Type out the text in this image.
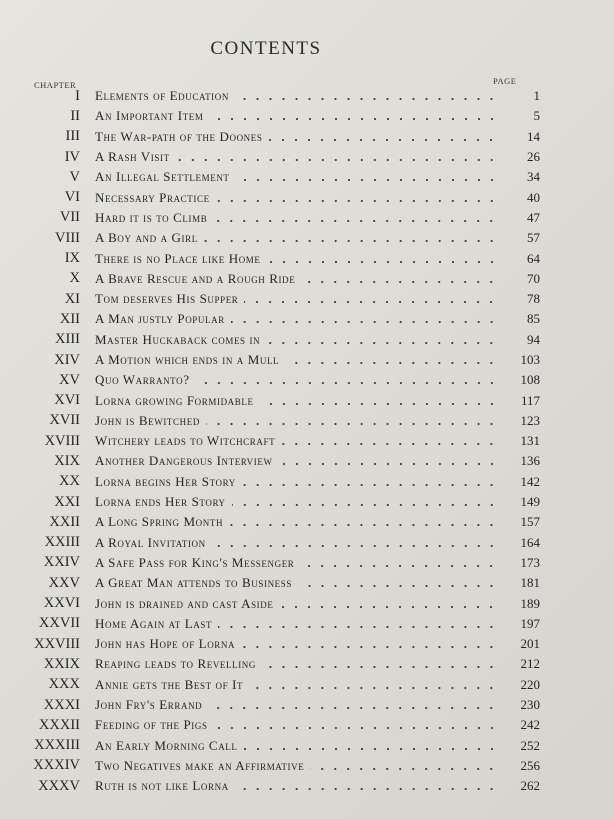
CONTENTS
CHAPTER	PAGE
I Elements of Education	1
II An Important Item	5
III The War-path of the Doones	14
IV A Rash Visit	26
V An Illegal Settlement	34
VI Necessary Practice	40
VII Hard it is to Climb	47
VIII A Boy and a Girl	57
IX There is no Place like Home	64
X A Brave Rescue and a Rough Ride	70
XI Tom deserves His Supper	78
XII A Man justly Popular	85
XIII Master Huckaback comes in	94
XIV A Motion which ends in a Mull	103
XV Quo Warranto?	108
XVI Lorna growing Formidable	117
XVII John is Bewitched	123
XVIII Witchery leads to Witchcraft	131
XIX Another Dangerous Interview	136
XX Lorna begins Her Story	142
XXI Lorna ends Her Story	149
XXII A Long Spring Month	157
XXIII A Royal Invitation	164
XXIV A Safe Pass for King's Messenger	173
XXV A Great Man attends to Business	181
XXVI John is drained and cast Aside	189
XXVII Home Again at Last	197
XXVIII John has Hope of Lorna	201
XXIX Reaping leads to Revelling	212
XXX Annie gets the Best of It	220
XXXI John Fry's Errand	230
XXXII Feeding of the Pigs	242
XXXIII An Early Morning Call	252
XXXIV Two Negatives make an Affirmative	256
XXXV Ruth is not like Lorna	262
